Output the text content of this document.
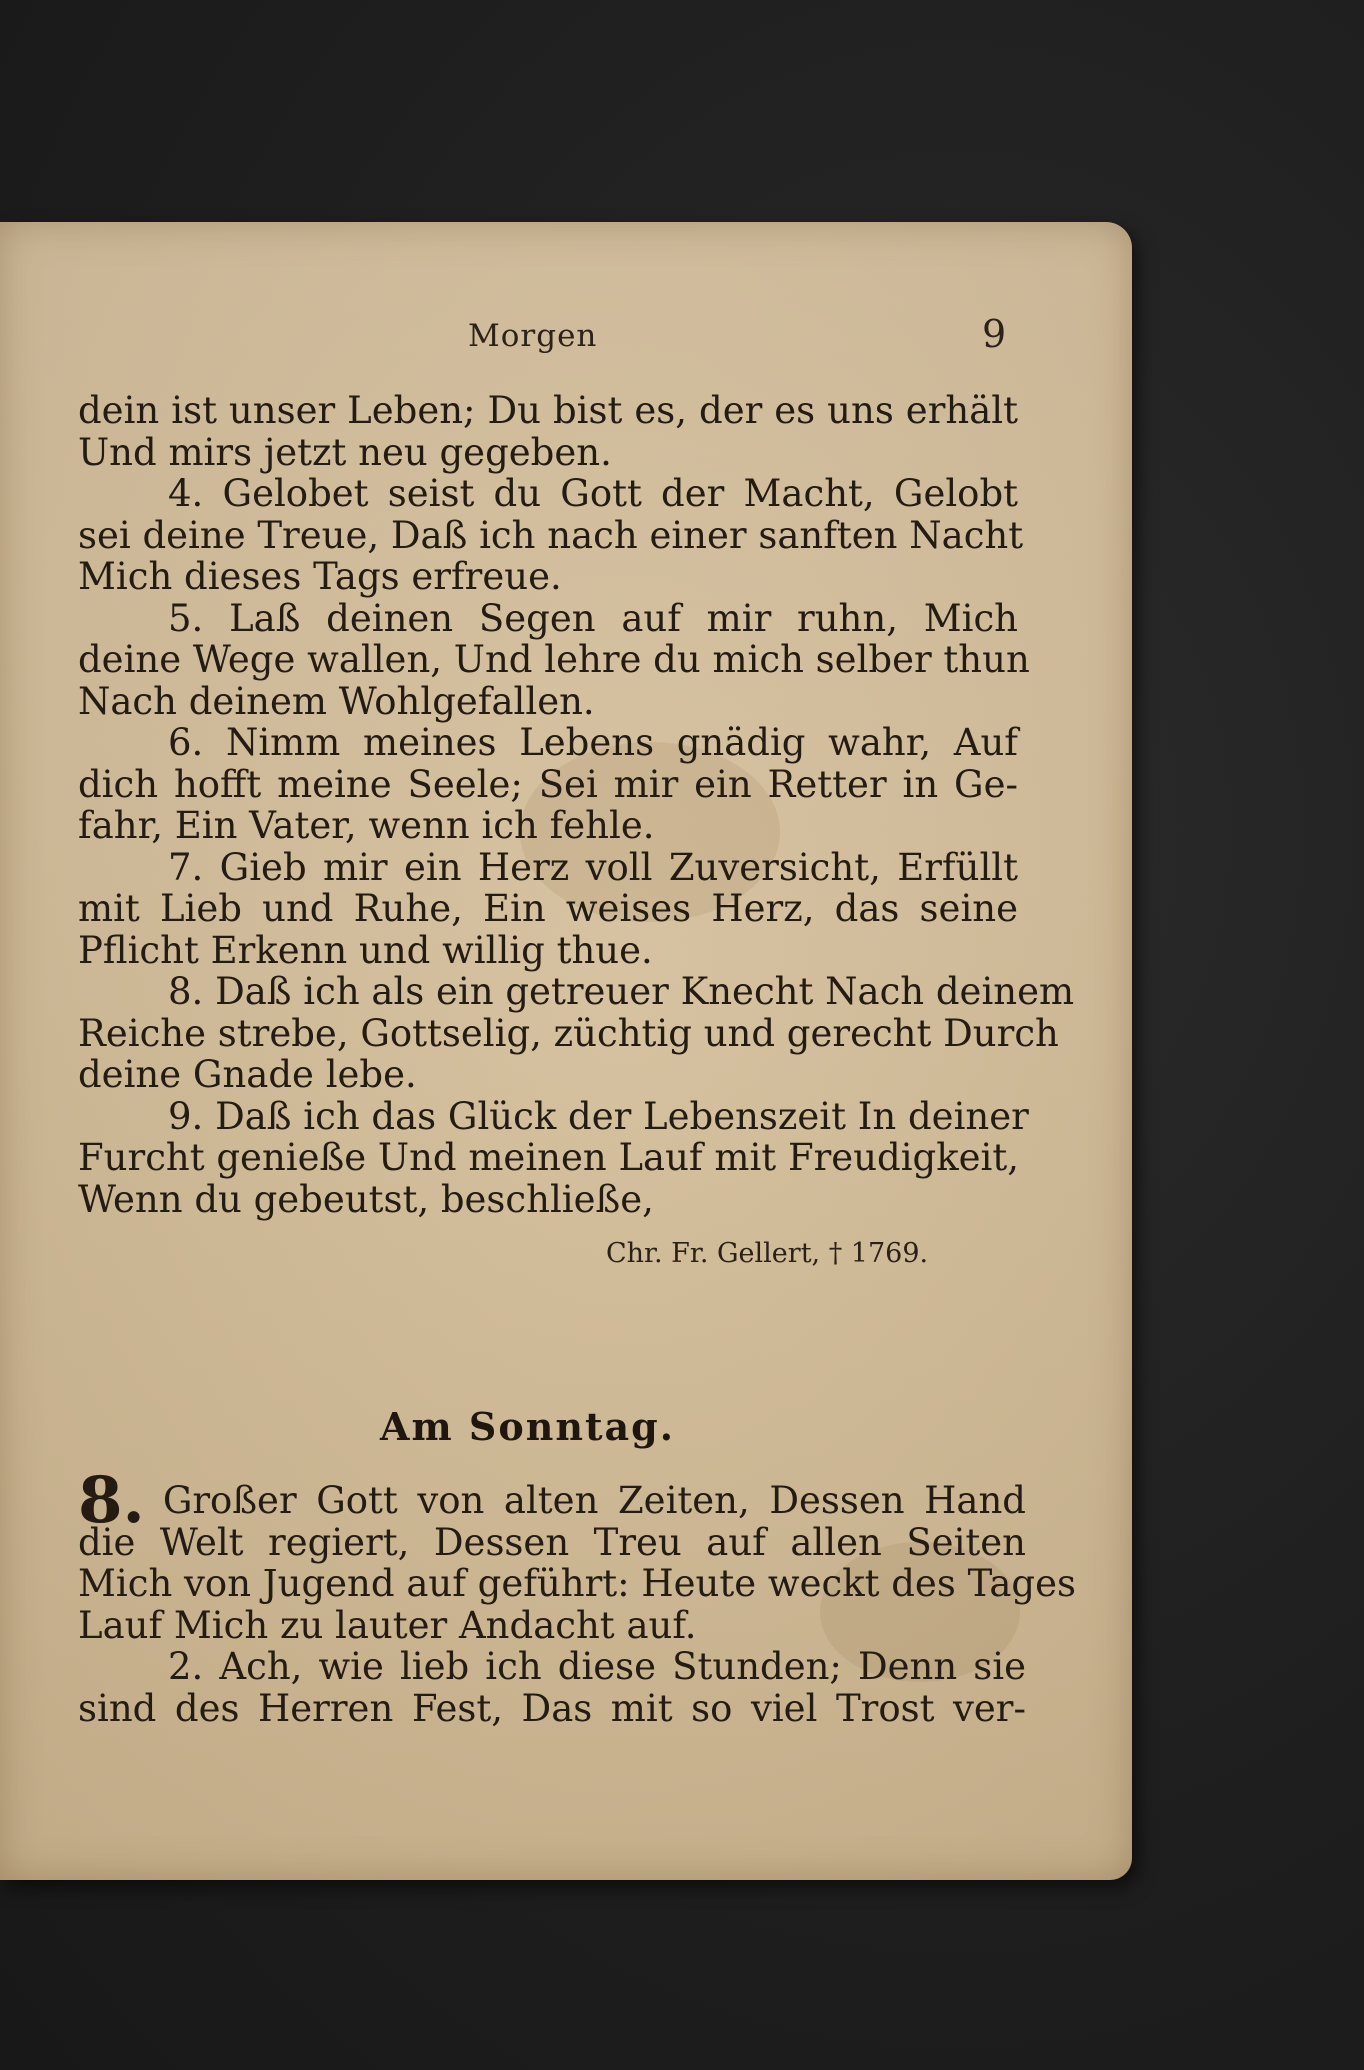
Morgen	9
dein ist unser Leben; Du bist es, der es uns erhält
Und mirs jetzt neu gegeben.
4. Gelobet seist du Gott der Macht, Gelobt
sei deine Treue, Daß ich nach einer sanften Nacht
Mich dieses Tags erfreue.
5. Laß deinen Segen auf mir ruhn, Mich
deine Wege wallen, Und lehre du mich selber thun
Nach deinem Wohlgefallen.
6. Nimm meines Lebens gnädig wahr, Auf
dich hofft meine Seele; Sei mir ein Retter in Ge-
fahr, Ein Vater, wenn ich fehle.
7. Gieb mir ein Herz voll Zuversicht, Erfüllt
mit Lieb und Ruhe, Ein weises Herz, das seine
Pflicht Erkenn und willig thue.
8. Daß ich als ein getreuer Knecht Nach deinem
Reiche strebe, Gottselig, züchtig und gerecht Durch
deine Gnade lebe.
9. Daß ich das Glück der Lebenszeit In deiner
Furcht genieße Und meinen Lauf mit Freudigkeit,
Wenn du gebeutst, beschließe,
Chr. Fr. Gellert, † 1769.
Am Sonntag.
8. Großer Gott von alten Zeiten, Dessen Hand
die Welt regiert, Dessen Treu auf allen Seiten
Mich von Jugend auf geführt: Heute weckt des Tages
Lauf Mich zu lauter Andacht auf.
2. Ach, wie lieb ich diese Stunden; Denn sie
sind des Herren Fest, Das mit so viel Trost ver-
